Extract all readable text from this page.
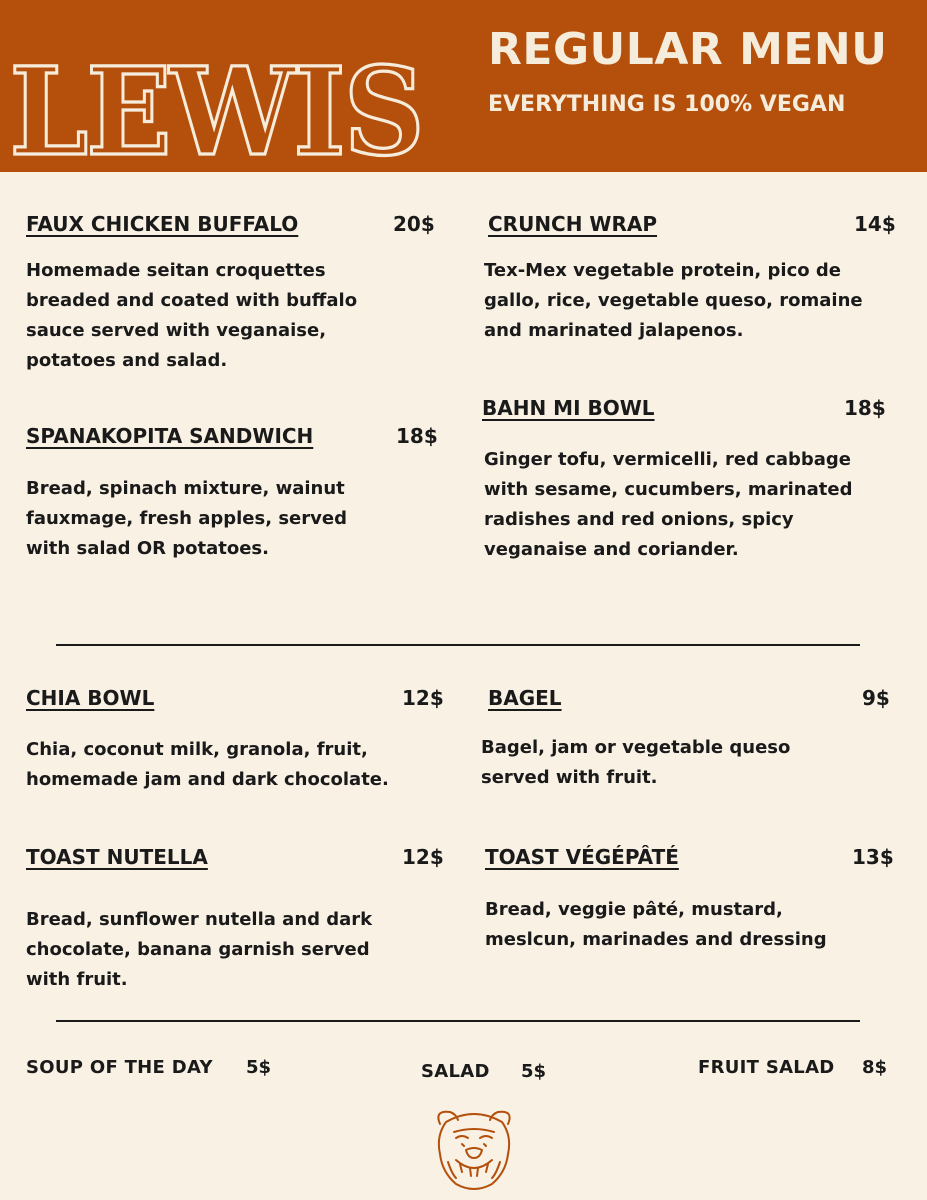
LEWIS REGULAR MENU
EVERYTHING IS 100% VEGAN
FAUX CHICKEN BUFFALO	20$
Homemade seitan croquettes breaded and coated with buffalo sauce served with veganaise, potatoes and salad.
CRUNCH WRAP	14$
Tex-Mex vegetable protein, pico de gallo, rice, vegetable queso, romaine and marinated jalapenos.
SPANAKOPITA SANDWICH	18$
Bread, spinach mixture, wainut fauxmage, fresh apples, served with salad OR potatoes.
BAHN MI BOWL	18$
Ginger tofu, vermicelli, red cabbage with sesame, cucumbers, marinated radishes and red onions, spicy veganaise and coriander.
CHIA BOWL	12$
Chia, coconut milk, granola, fruit, homemade jam and dark chocolate.
BAGEL	9$
Bagel, jam or vegetable queso served with fruit.
TOAST NUTELLA	12$
Bread, sunflower nutella and dark chocolate, banana garnish served with fruit.
TOAST VÉGÉPÂTÉ	13$
Bread, veggie pâté, mustard, meslcun, marinades and dressing
SOUP OF THE DAY 5$	SALAD 5$	FRUIT SALAD 8$
